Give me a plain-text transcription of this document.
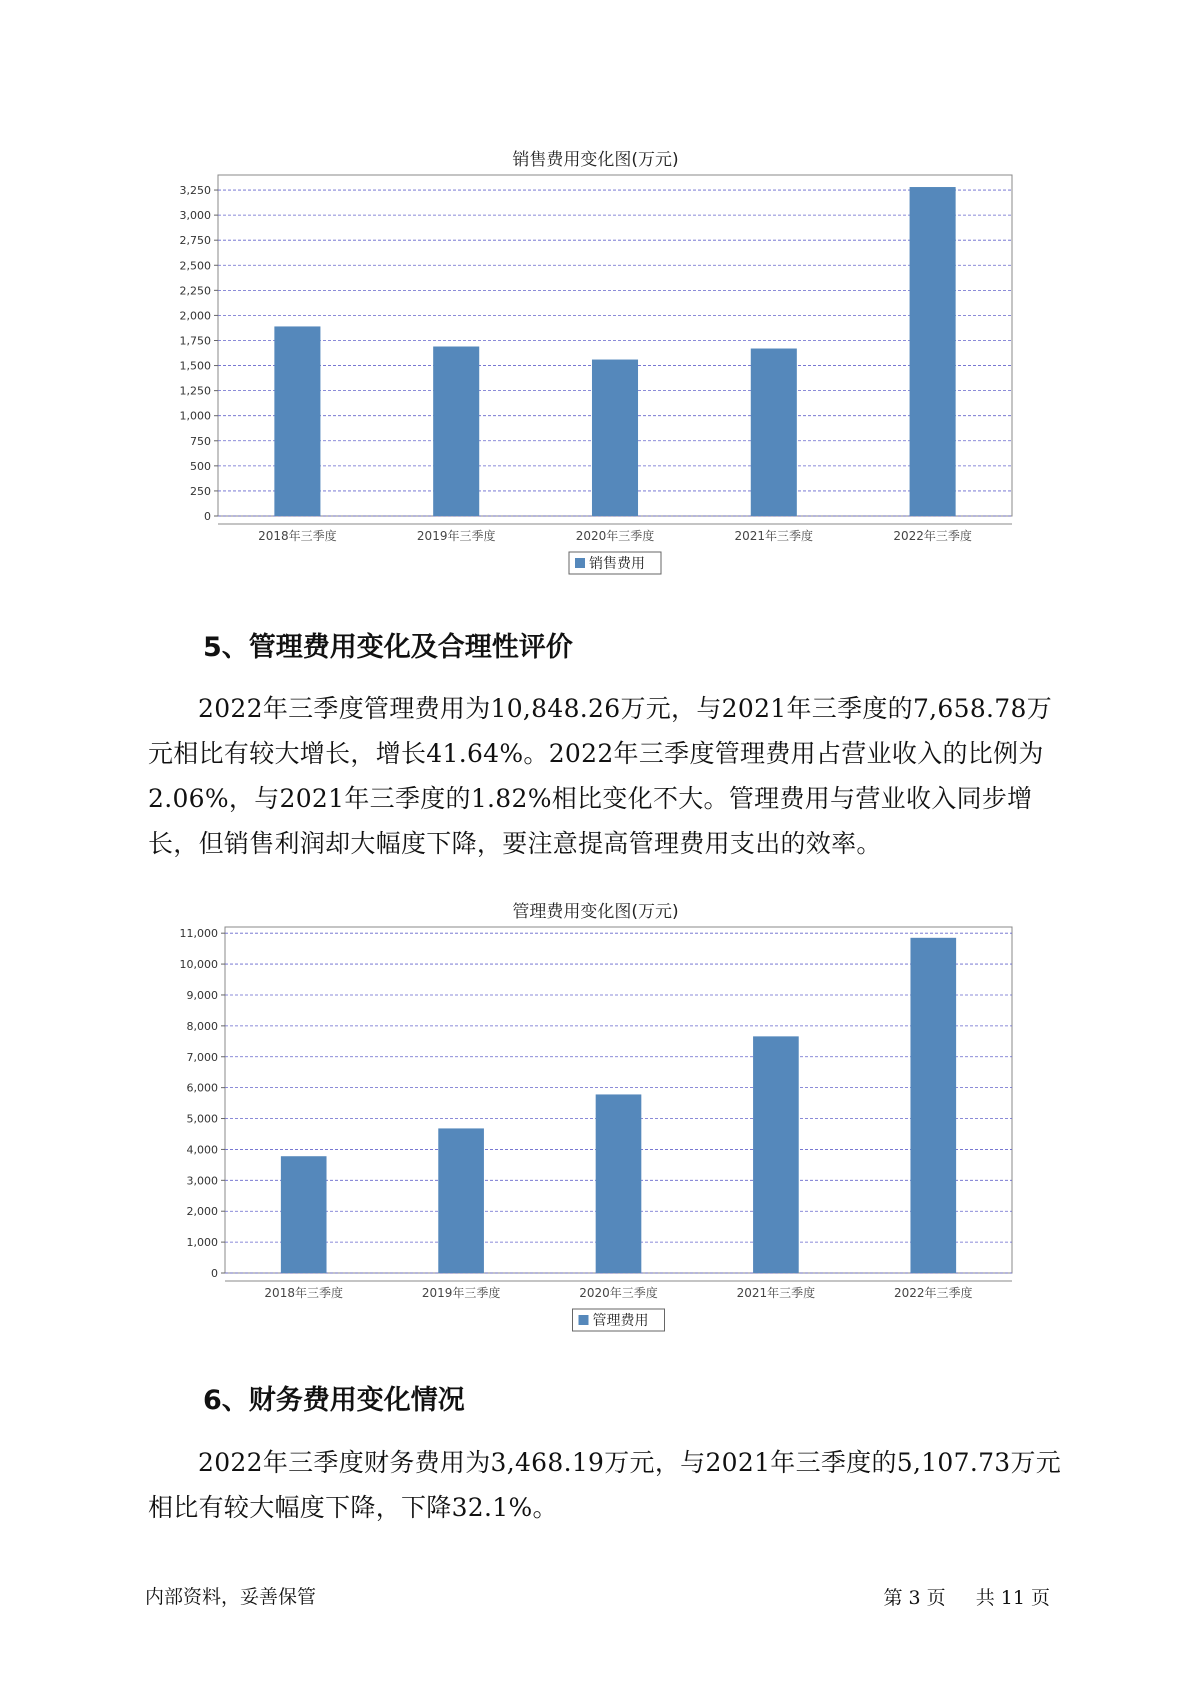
销售费用变化图(万元)
0
250
500
750
1,000
1,250
1,500
1,750
2,000
2,250
2,500
2,750
3,000
3,250
2018年三季度	2019年三季度	2020年三季度	2021年三季度	2022年三季度
销售费用
5、管理费用变化及合理性评价
2022年三季度管理费用为10,848.26万元，与2021年三季度的7,658.78万元相比有较大增长，增长41.64%。2022年三季度管理费用占营业收入的比例为2.06%，与2021年三季度的1.82%相比变化不大。管理费用与营业收入同步增长，但销售利润却大幅度下降，要注意提高管理费用支出的效率。
管理费用变化图(万元)
0
1,000
2,000
3,000
4,000
5,000
6,000
7,000
8,000
9,000
10,000
11,000
2018年三季度	2019年三季度	2020年三季度	2021年三季度	2022年三季度
管理费用
6、财务费用变化情况
2022年三季度财务费用为3,468.19万元，与2021年三季度的5,107.73万元相比有较大幅度下降，下降32.1%。
内部资料，妥善保管	第 3 页 共 11 页
